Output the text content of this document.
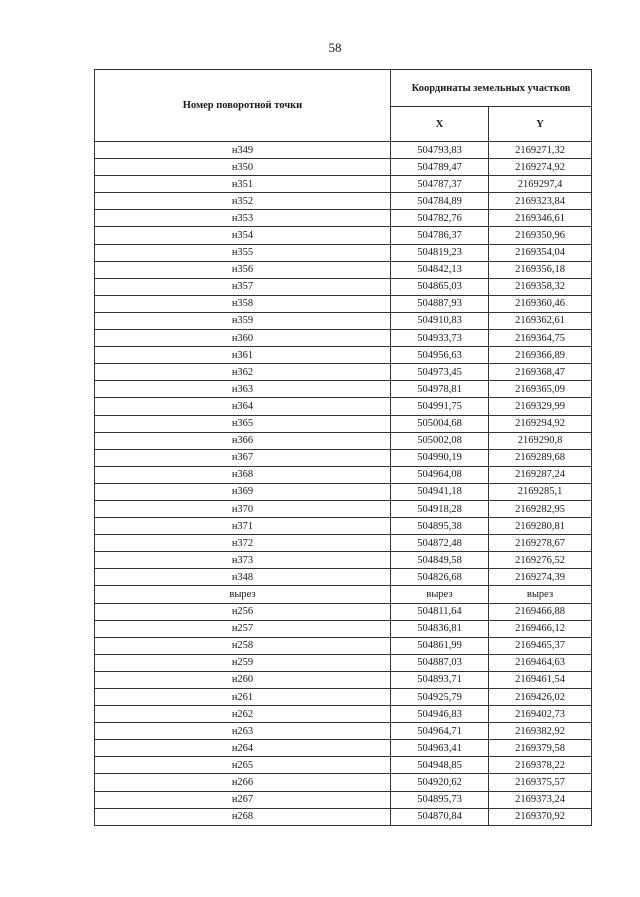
58
Номер поворотной точки	Координаты земельных участков	
	X	Y
н349	504793,83	2169271,32
н350	504789,47	2169274,92
н351	504787,37	2169297,4
н352	504784,89	2169323,84
н353	504782,76	2169346,61
н354	504786,37	2169350,96
н355	504819,23	2169354,04
н356	504842,13	2169356,18
н357	504865,03	2169358,32
н358	504887,93	2169360,46
н359	504910,83	2169362,61
н360	504933,73	2169364,75
н361	504956,63	2169366,89
н362	504973,45	2169368,47
н363	504978,81	2169365,09
н364	504991,75	2169329,99
н365	505004,68	2169294,92
н366	505002,08	2169290,8
н367	504990,19	2169289,68
н368	504964,08	2169287,24
н369	504941,18	2169285,1
н370	504918,28	2169282,95
н371	504895,38	2169280,81
н372	504872,48	2169278,67
н373	504849,58	2169276,52
н348	504826,68	2169274,39
вырез	вырез	вырез
н256	504811,64	2169466,88
н257	504836,81	2169466,12
н258	504861,99	2169465,37
н259	504887,03	2169464,63
н260	504893,71	2169461,54
н261	504925,79	2169426,02
н262	504946,83	2169402,73
н263	504964,71	2169382,92
н264	504963,41	2169379,58
н265	504948,85	2169378,22
н266	504920,62	2169375,57
н267	504895,73	2169373,24
н268	504870,84	2169370,92
